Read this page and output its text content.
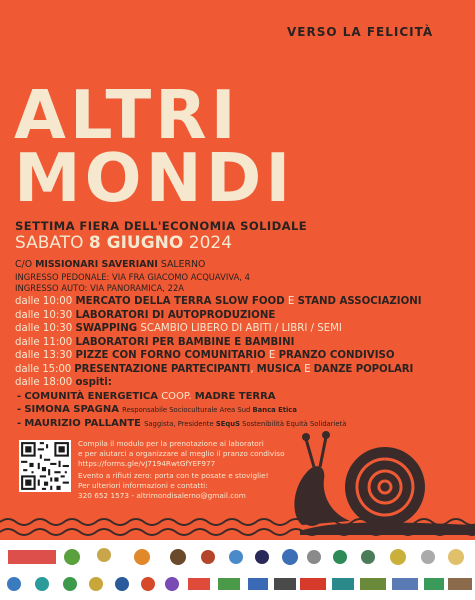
VERSO LA FELICITÀ
ALTRI
MONDI
SETTIMA FIERA DELL'ECONOMIA SOLIDALE
SABATO 8 GIUGNO 2024
C/O MISSIONARI SAVERIANI SALERNO
INGRESSO PEDONALE: VIA FRA GIACOMO ACQUAVIVA, 4
INGRESSO AUTO: VIA PANORAMICA, 22A
dalle 10:00 MERCATO DELLA TERRA SLOW FOOD E STAND ASSOCIAZIONI
dalle 10:30 LABORATORI DI AUTOPRODUZIONE
dalle 10:30 SWAPPING SCAMBIO LIBERO DI ABITI / LIBRI / SEMI
dalle 11:00 LABORATORI PER BAMBINE E BAMBINI
dalle 13:30 PIZZE CON FORNO COMUNITARIO E PRANZO CONDIVISO
dalle 15:00 PRESENTAZIONE PARTECIPANTI, MUSICA E DANZE POPOLARI
dalle 18:00 ospiti:
- COMUNITÀ ENERGETICA COOP. MADRE TERRA
- SIMONA SPAGNA Responsabile Socioculturale Area Sud Banca Etica
- MAURIZIO PALLANTE Saggista, Presidente SEquS Sostenibilità Equità Solidarietà
Compila il modulo per la prenotazione ai laboratori
e per aiutarci a organizzare al meglio il pranzo condiviso
https://forms.gle/vJ7194RwtGfYEF977
Evento a rifiuti zero: porta con te posate e stoviglie!
Per ulteriori informazioni e contatti:
320 652 1573 - altrimondisalerno@gmail.com
